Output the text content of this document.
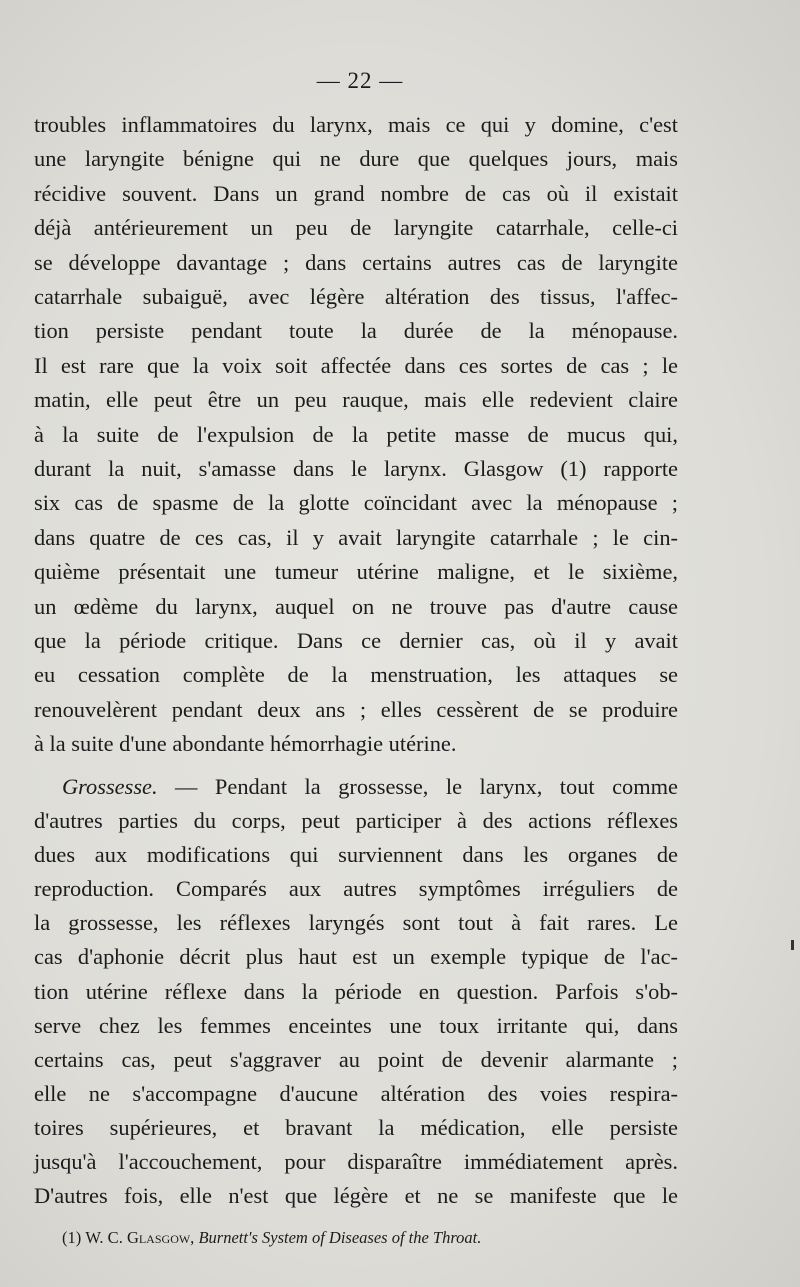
— 22 —
troubles inflammatoires du larynx, mais ce qui y domine, c'est
une laryngite bénigne qui ne dure que quelques jours, mais
récidive souvent. Dans un grand nombre de cas où il existait
déjà antérieurement un peu de laryngite catarrhale, celle-ci
se développe davantage ; dans certains autres cas de laryngite
catarrhale subaiguë, avec légère altération des tissus, l'affec-
tion persiste pendant toute la durée de la ménopause.
Il est rare que la voix soit affectée dans ces sortes de cas ; le
matin, elle peut être un peu rauque, mais elle redevient claire
à la suite de l'expulsion de la petite masse de mucus qui,
durant la nuit, s'amasse dans le larynx. Glasgow (1) rapporte
six cas de spasme de la glotte coïncidant avec la ménopause ;
dans quatre de ces cas, il y avait laryngite catarrhale ; le cin-
quième présentait une tumeur utérine maligne, et le sixième,
un œdème du larynx, auquel on ne trouve pas d'autre cause
que la période critique. Dans ce dernier cas, où il y avait
eu cessation complète de la menstruation, les attaques se
renouvelèrent pendant deux ans ; elles cessèrent de se produire
à la suite d'une abondante hémorrhagie utérine.
Grossesse. — Pendant la grossesse, le larynx, tout comme
d'autres parties du corps, peut participer à des actions réflexes
dues aux modifications qui surviennent dans les organes de
reproduction. Comparés aux autres symptômes irréguliers de
la grossesse, les réflexes laryngés sont tout à fait rares. Le
cas d'aphonie décrit plus haut est un exemple typique de l'ac-
tion utérine réflexe dans la période en question. Parfois s'ob-
serve chez les femmes enceintes une toux irritante qui, dans
certains cas, peut s'aggraver au point de devenir alarmante ;
elle ne s'accompagne d'aucune altération des voies respira-
toires supérieures, et bravant la médication, elle persiste
jusqu'à l'accouchement, pour disparaître immédiatement après.
D'autres fois, elle n'est que légère et ne se manifeste que le
(1) W. C. Glasgow, Burnett's System of Diseases of the Throat.
